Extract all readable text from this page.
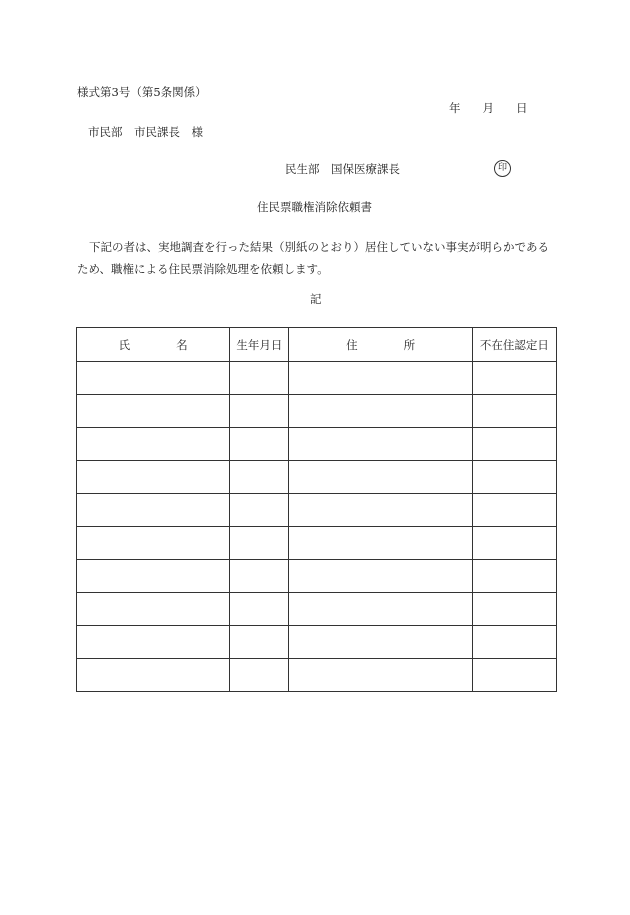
様式第3号（第5条関係）
年 月 日
市民部　市民課長　様
民生部　国保医療課長	印
住民票職権消除依頼書
下記の者は、実地調査を行った結果（別紙のとおり）居住していない事実が明らかである
ため、職権による住民票消除処理を依頼します。
記
氏 名	生年月日	住 所	不在住認定日
